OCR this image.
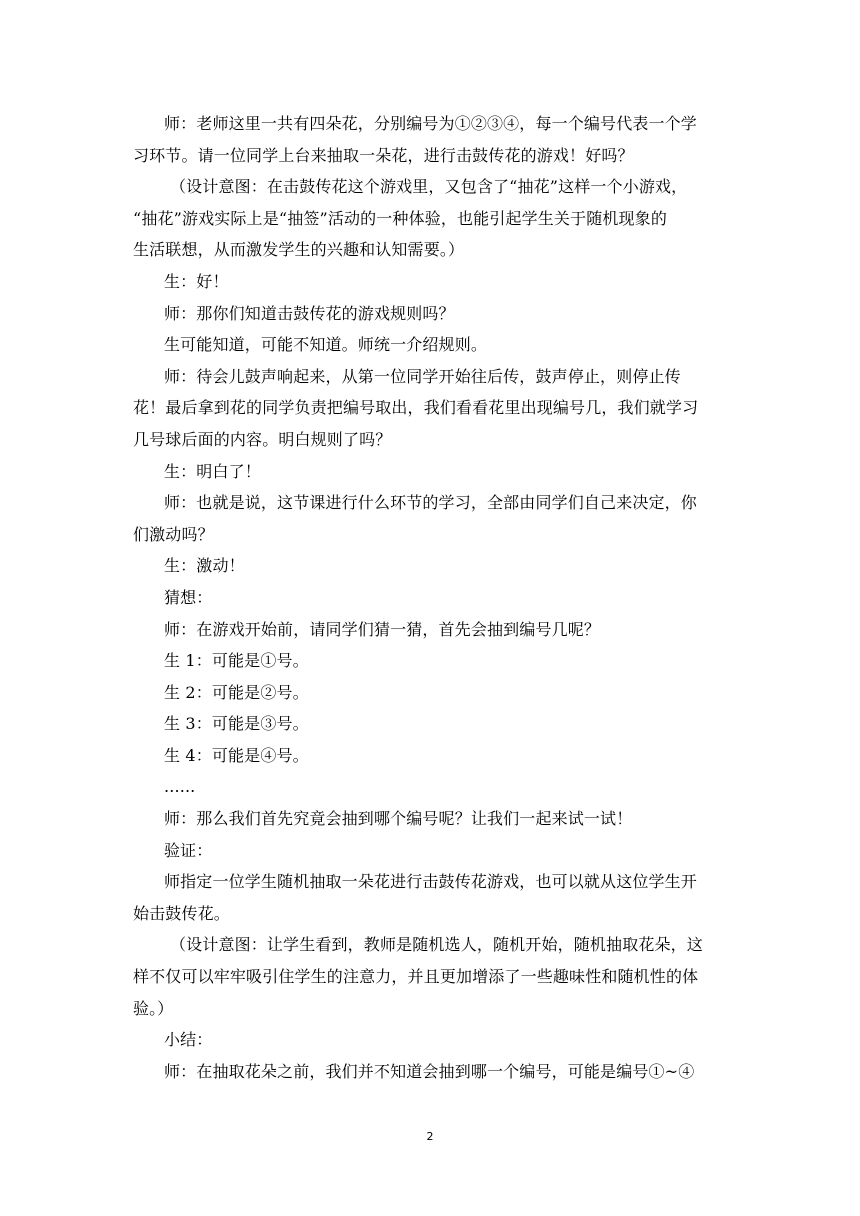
师：老师这里一共有四朵花，分别编号为①②③④，每一个编号代表一个学
习环节。请一位同学上台来抽取一朵花，进行击鼓传花的游戏！好吗？

（设计意图：在击鼓传花这个游戏里，又包含了“抽花”这样一个小游戏，
“抽花”游戏实际上是“抽签”活动的一种体验，也能引起学生关于随机现象的
生活联想，从而激发学生的兴趣和认知需要。）

生：好！

师：那你们知道击鼓传花的游戏规则吗？

生可能知道，可能不知道。师统一介绍规则。

师：待会儿鼓声响起来，从第一位同学开始往后传，鼓声停止，则停止传
花！最后拿到花的同学负责把编号取出，我们看看花里出现编号几，我们就学习
几号球后面的内容。明白规则了吗？

生：明白了！

师：也就是说，这节课进行什么环节的学习，全部由同学们自己来决定，你
们激动吗？

生：激动！

猜想：

师：在游戏开始前，请同学们猜一猜，首先会抽到编号几呢？

生 1：可能是①号。

生 2：可能是②号。

生 3：可能是③号。

生 4：可能是④号。

......

师：那么我们首先究竟会抽到哪个编号呢？让我们一起来试一试！

验证：

师指定一位学生随机抽取一朵花进行击鼓传花游戏，也可以就从这位学生开
始击鼓传花。

（设计意图：让学生看到，教师是随机选人，随机开始，随机抽取花朵，这
样不仅可以牢牢吸引住学生的注意力，并且更加增添了一些趣味性和随机性的体
验。）

小结：

师：在抽取花朵之前，我们并不知道会抽到哪一个编号，可能是编号①~④

2
